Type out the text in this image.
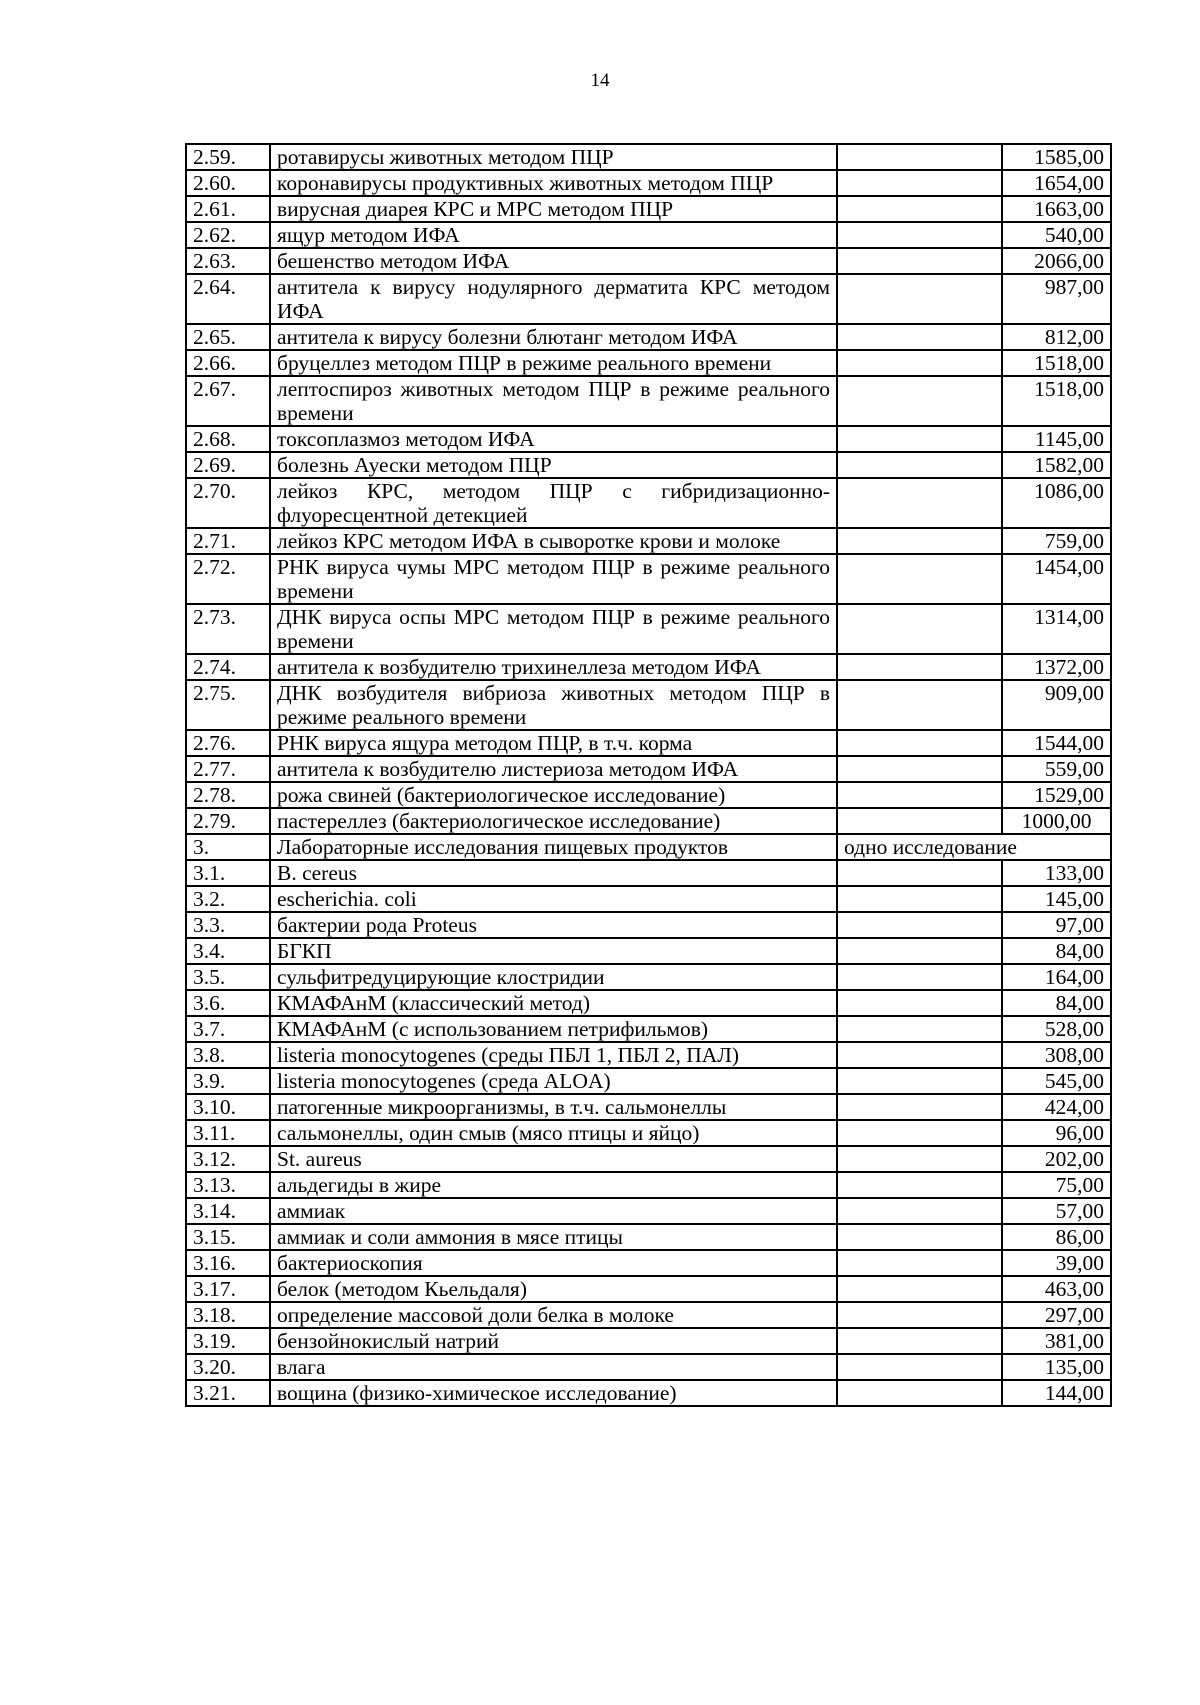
14
2.59.	ротавирусы животных методом ПЦР		1585,00
2.60.	коронавирусы продуктивных животных методом ПЦР		1654,00
2.61.	вирусная диарея КРС и МРС методом ПЦР		1663,00
2.62.	ящур методом ИФА		540,00
2.63.	бешенство методом ИФА		2066,00
2.64.	антитела к вирусу нодулярного дерматита КРС методом ИФА		987,00
2.65.	антитела к вирусу болезни блютанг методом ИФА		812,00
2.66.	бруцеллез методом ПЦР в режиме реального времени		1518,00
2.67.	лептоспироз животных методом ПЦР в режиме реального времени		1518,00
2.68.	токсоплазмоз методом ИФА		1145,00
2.69.	болезнь Ауески методом ПЦР		1582,00
2.70.	лейкоз КРС, методом ПЦР с гибридизационно-флуоресцентной детекцией		1086,00
2.71.	лейкоз КРС методом ИФА в сыворотке крови и молоке		759,00
2.72.	РНК вируса чумы МРС методом ПЦР в режиме реального времени		1454,00
2.73.	ДНК вируса оспы МРС методом ПЦР в режиме реального времени		1314,00
2.74.	антитела к возбудителю трихинеллеза методом ИФА		1372,00
2.75.	ДНК возбудителя вибриоза животных методом ПЦР в режиме реального времени		909,00
2.76.	РНК вируса ящура методом ПЦР, в т.ч. корма		1544,00
2.77.	антитела к возбудителю листериоза методом ИФА		559,00
2.78.	рожа свиней (бактериологическое исследование)		1529,00
2.79.	пастереллез (бактериологическое исследование)		1000,00
3.	Лабораторные исследования пищевых продуктов	одно исследование	
3.1.	B. cereus		133,00
3.2.	escherichia. coli		145,00
3.3.	бактерии рода Proteus		97,00
3.4.	БГКП		84,00
3.5.	сульфитредуцирующие клостридии		164,00
3.6.	КМАФАнМ (классический метод)		84,00
3.7.	КМАФАнМ (с использованием петрифильмов)		528,00
3.8.	listeria monocytogenes (среды ПБЛ 1, ПБЛ 2, ПАЛ)		308,00
3.9.	listeria monocytogenes (среда ALOA)		545,00
3.10.	патогенные микроорганизмы, в т.ч. сальмонеллы		424,00
3.11.	сальмонеллы, один смыв (мясо птицы и яйцо)		96,00
3.12.	St. aureus		202,00
3.13.	альдегиды в жире		75,00
3.14.	аммиак		57,00
3.15.	аммиак и соли аммония в мясе птицы		86,00
3.16.	бактериоскопия		39,00
3.17.	белок (методом Кьельдаля)		463,00
3.18.	определение массовой доли белка в молоке		297,00
3.19.	бензойнокислый натрий		381,00
3.20.	влага		135,00
3.21.	вощина (физико-химическое исследование)		144,00
